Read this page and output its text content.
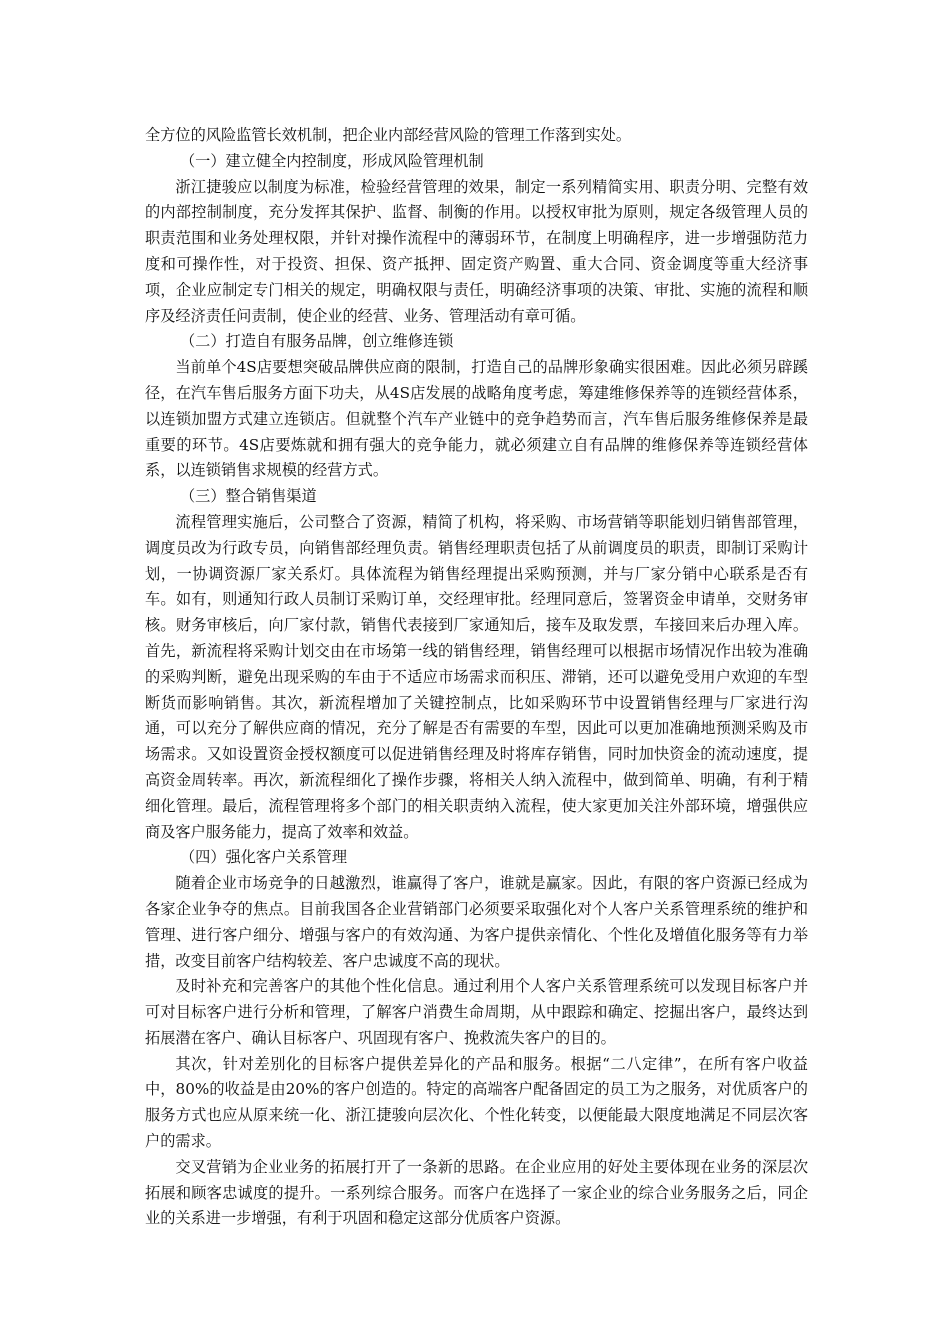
全方位的风险监管长效机制，把企业内部经营风险的管理工作落到实处。

（一）建立健全内控制度，形成风险管理机制

浙江捷骏应以制度为标准，检验经营管理的效果，制定一系列精简实用、职责分明、完整有效的内部控制制度，充分发挥其保护、监督、制衡的作用。以授权审批为原则，规定各级管理人员的职责范围和业务处理权限，并针对操作流程中的薄弱环节，在制度上明确程序，进一步增强防范力度和可操作性，对于投资、担保、资产抵押、固定资产购置、重大合同、资金调度等重大经济事项，企业应制定专门相关的规定，明确权限与责任，明确经济事项的决策、审批、实施的流程和顺序及经济责任问责制，使企业的经营、业务、管理活动有章可循。

（二）打造自有服务品牌，创立维修连锁

当前单个4S店要想突破品牌供应商的限制，打造自己的品牌形象确实很困难。因此必须另辟蹊径，在汽车售后服务方面下功夫，从4S店发展的战略角度考虑，筹建维修保养等的连锁经营体系，以连锁加盟方式建立连锁店。但就整个汽车产业链中的竞争趋势而言，汽车售后服务维修保养是最重要的环节。4S店要炼就和拥有强大的竞争能力，就必须建立自有品牌的维修保养等连锁经营体系，以连锁销售求规模的经营方式。

（三）整合销售渠道

流程管理实施后，公司整合了资源，精简了机构，将采购、市场营销等职能划归销售部管理，调度员改为行政专员，向销售部经理负责。销售经理职责包括了从前调度员的职责，即制订采购计划，一协调资源厂家关系灯。具体流程为销售经理提出采购预测，并与厂家分销中心联系是否有车。如有，则通知行政人员制订采购订单，交经理审批。经理同意后，签署资金申请单，交财务审核。财务审核后，向厂家付款，销售代表接到厂家通知后，接车及取发票，车接回来后办理入库。首先，新流程将采购计划交由在市场第一线的销售经理，销售经理可以根据市场情况作出较为准确的采购判断，避免出现采购的车由于不适应市场需求而积压、滞销，还可以避免受用户欢迎的车型断货而影响销售。其次，新流程增加了关键控制点，比如采购环节中设置销售经理与厂家进行沟通，可以充分了解供应商的情况，充分了解是否有需要的车型，因此可以更加准确地预测采购及市场需求。又如设置资金授权额度可以促进销售经理及时将库存销售，同时加快资金的流动速度，提高资金周转率。再次，新流程细化了操作步骤，将相关人纳入流程中，做到简单、明确，有利于精细化管理。最后，流程管理将多个部门的相关职责纳入流程，使大家更加关注外部环境，增强供应商及客户服务能力，提高了效率和效益。

（四）强化客户关系管理

随着企业市场竞争的日越激烈，谁赢得了客户，谁就是赢家。因此，有限的客户资源已经成为各家企业争夺的焦点。目前我国各企业营销部门必须要采取强化对个人客户关系管理系统的维护和管理、进行客户细分、增强与客户的有效沟通、为客户提供亲情化、个性化及增值化服务等有力举措，改变目前客户结构较差、客户忠诚度不高的现状。

及时补充和完善客户的其他个性化信息。通过利用个人客户关系管理系统可以发现目标客户并可对目标客户进行分析和管理，了解客户消费生命周期，从中跟踪和确定、挖掘出客户，最终达到拓展潜在客户、确认目标客户、巩固现有客户、挽救流失客户的目的。

其次，针对差别化的目标客户提供差异化的产品和服务。根据“二八定律”，在所有客户收益中，80%的收益是由20%的客户创造的。特定的高端客户配备固定的员工为之服务，对优质客户的服务方式也应从原来统一化、浙江捷骏向层次化、个性化转变，以便能最大限度地满足不同层次客户的需求。

交叉营销为企业业务的拓展打开了一条新的思路。在企业应用的好处主要体现在业务的深层次拓展和顾客忠诚度的提升。一系列综合服务。而客户在选择了一家企业的综合业务服务之后，同企业的关系进一步增强，有利于巩固和稳定这部分优质客户资源。
